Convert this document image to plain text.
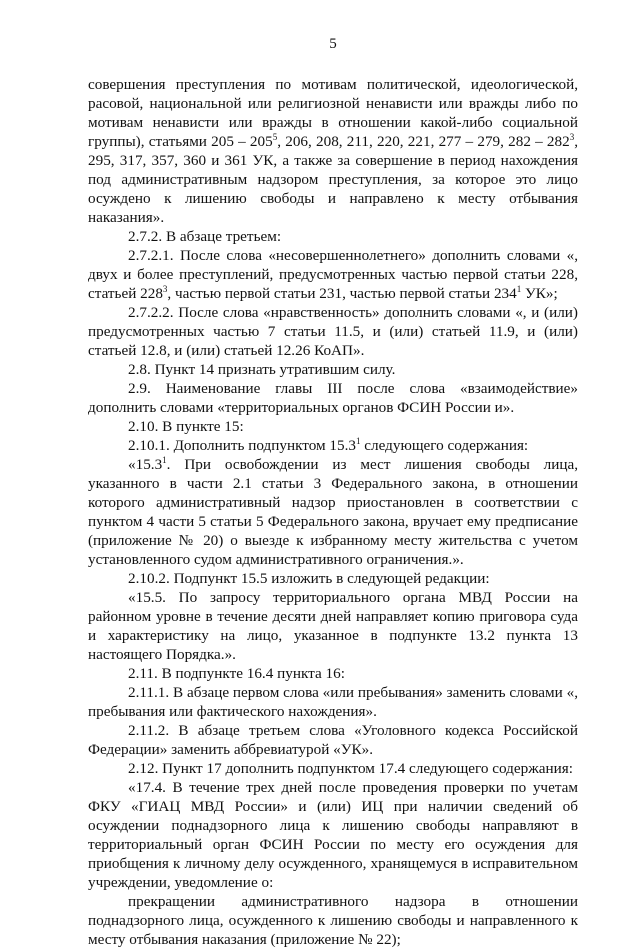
5

совершения преступления по мотивам политической, идеологической, расовой, национальной или религиозной ненависти или вражды либо по мотивам ненависти или вражды в отношении какой-либо социальной группы), статьями $205 - 205^5$, 206, 208, 211, 220, 221, 277 – 279, $282 - 282^3$, 295, 317, 357, 360 и 361 УК, а также за совершение в период нахождения под административным надзором преступления, за которое это лицо осуждено к лишению свободы и направлено к месту отбывания наказания».

2.7.2. В абзаце третьем:

2.7.2.1. После слова «несовершеннолетнего» дополнить словами «, двух и более преступлений, предусмотренных частью первой статьи 228, статьей $228^3$, частью первой статьи 231, частью первой статьи $234^1$ УК»;

2.7.2.2. После слова «нравственность» дополнить словами «, и (или) предусмотренных частью 7 статьи 11.5, и (или) статьей 11.9, и (или) статьей 12.8, и (или) статьей 12.26 КоАП».

2.8. Пункт 14 признать утратившим силу.

2.9. Наименование главы III после слова «взаимодействие» дополнить словами «территориальных органов ФСИН России и».

2.10. В пункте 15:

2.10.1. Дополнить подпунктом 15.3$^1$ следующего содержания:

«15.3$^1$. При освобождении из мест лишения свободы лица, указанного в части 2.1 статьи 3 Федерального закона, в отношении которого административный надзор приостановлен в соответствии с пунктом 4 части 5 статьи 5 Федерального закона, вручает ему предписание (приложение № 20) о выезде к избранному месту жительства с учетом установленного судом административного ограничения.».

2.10.2. Подпункт 15.5 изложить в следующей редакции:

«15.5. По запросу территориального органа МВД России на районном уровне в течение десяти дней направляет копию приговора суда и характеристику на лицо, указанное в подпункте 13.2 пункта 13 настоящего Порядка.».

2.11. В подпункте 16.4 пункта 16:

2.11.1. В абзаце первом слова «или пребывания» заменить словами «, пребывания или фактического нахождения».

2.11.2. В абзаце третьем слова «Уголовного кодекса Российской Федерации» заменить аббревиатурой «УК».

2.12. Пункт 17 дополнить подпунктом 17.4 следующего содержания:

«17.4. В течение трех дней после проведения проверки по учетам ФКУ «ГИАЦ МВД России» и (или) ИЦ при наличии сведений об осуждении поднадзорного лица к лишению свободы направляют в территориальный орган ФСИН России по месту его осуждения для приобщения к личному делу осужденного, хранящемуся в исправительном учреждении, уведомление о:

прекращении административного надзора в отношении поднадзорного лица, осужденного к лишению свободы и направленного к месту отбывания наказания (приложение № 22);
